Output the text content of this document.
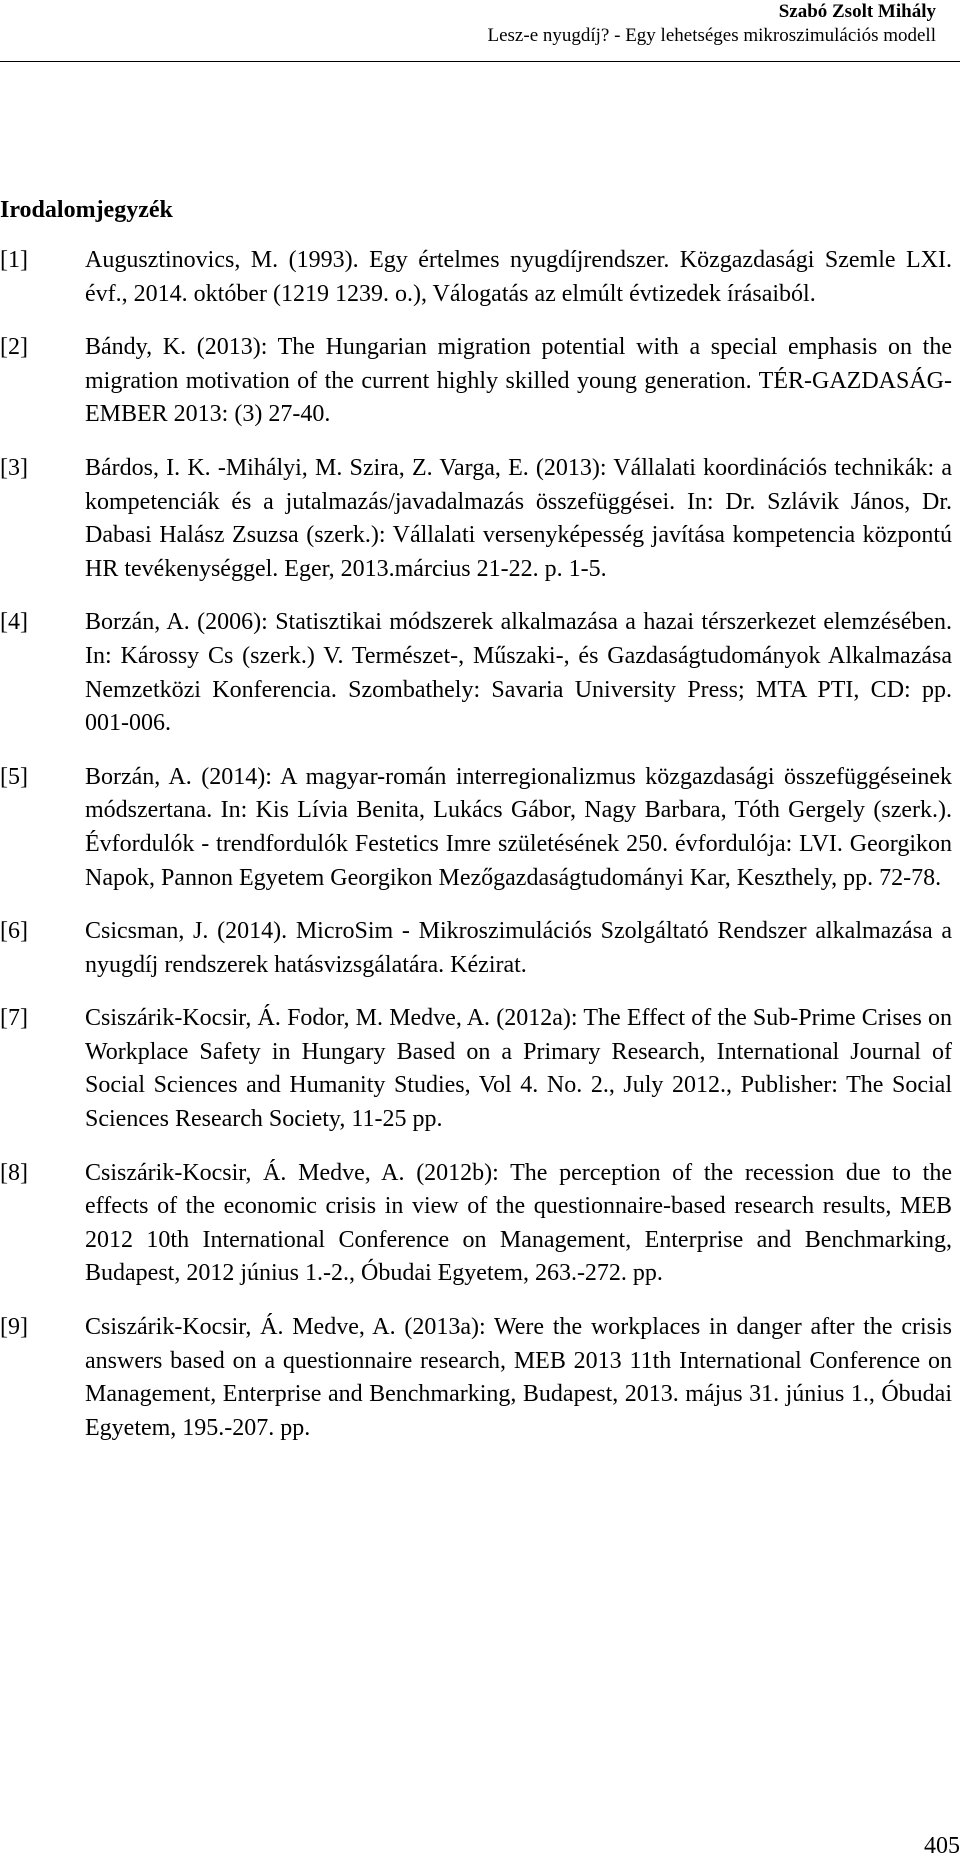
Szabó Zsolt Mihály
Lesz-e nyugdíj? - Egy lehetséges mikroszimulációs modell
Irodalomjegyzék
[1] Augusztinovics, M. (1993). Egy értelmes nyugdíjrendszer. Közgazdasági Szemle LXI. évf., 2014. október (1219 1239. o.), Válogatás az elmúlt évtizedek írásaiból.
[2] Bándy, K. (2013): The Hungarian migration potential with a special emphasis on the migration motivation of the current highly skilled young generation. TÉR-GAZDASÁG-EMBER 2013: (3) 27-40.
[3] Bárdos, I. K. -Mihályi, M. Szira, Z. Varga, E. (2013): Vállalati koordinációs technikák: a kompetenciák és a jutalmazás/javadalmazás összefüggései. In: Dr. Szlávik János, Dr. Dabasi Halász Zsuzsa (szerk.): Vállalati versenyképesség javítása kompetencia központú HR tevékenységgel. Eger, 2013.március 21-22. p. 1-5.
[4] Borzán, A. (2006): Statisztikai módszerek alkalmazása a hazai térszerkezet elemzésében. In: Károssy Cs (szerk.) V. Természet-, Műszaki-, és Gazdaságtudományok Alkalmazása Nemzetközi Konferencia. Szombathely: Savaria University Press; MTA PTI, CD: pp. 001-006.
[5] Borzán, A. (2014): A magyar-román interregionalizmus közgazdasági összefüggéseinek módszertana. In: Kis Lívia Benita, Lukács Gábor, Nagy Barbara, Tóth Gergely (szerk.). Évfordulók - trendfordulók Festetics Imre születésének 250. évfordulója: LVI. Georgikon Napok, Pannon Egyetem Georgikon Mezőgazdaságtudományi Kar, Keszthely, pp. 72-78.
[6] Csicsman, J. (2014). MicroSim - Mikroszimulációs Szolgáltató Rendszer alkalmazása a nyugdíj rendszerek hatásvizsgálatára. Kézirat.
[7] Csiszárik-Kocsir, Á. Fodor, M. Medve, A. (2012a): The Effect of the Sub-Prime Crises on Workplace Safety in Hungary Based on a Primary Research, International Journal of Social Sciences and Humanity Studies, Vol 4. No. 2., July 2012., Publisher: The Social Sciences Research Society, 11-25 pp.
[8] Csiszárik-Kocsir, Á. Medve, A. (2012b): The perception of the recession due to the effects of the economic crisis in view of the questionnaire-based research results, MEB 2012 10th International Conference on Management, Enterprise and Benchmarking, Budapest, 2012 június 1.-2., Óbudai Egyetem, 263.-272. pp.
[9] Csiszárik-Kocsir, Á. Medve, A. (2013a): Were the workplaces in danger after the crisis answers based on a questionnaire research, MEB 2013 11th International Conference on Management, Enterprise and Benchmarking, Budapest, 2013. május 31. június 1., Óbudai Egyetem, 195.-207. pp.
405
